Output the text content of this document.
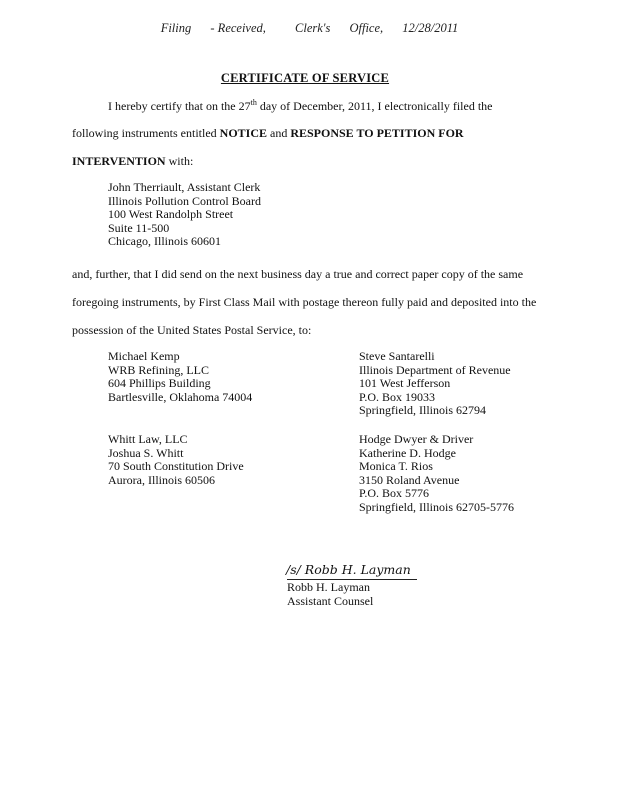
Filing - Received, Clerk's Office, 12/28/2011
CERTIFICATE OF SERVICE
I hereby certify that on the 27th day of December, 2011, I electronically filed the
following instruments entitled NOTICE and RESPONSE TO PETITION FOR
INTERVENTION with:
John Therriault, Assistant Clerk
Illinois Pollution Control Board
100 West Randolph Street
Suite 11-500
Chicago, Illinois 60601
and, further, that I did send on the next business day a true and correct paper copy of the same
foregoing instruments, by First Class Mail with postage thereon fully paid and deposited into the
possession of the United States Postal Service, to:
Michael Kemp
WRB Refining, LLC
604 Phillips Building
Bartlesville, Oklahoma 74004
Steve Santarelli
Illinois Department of Revenue
101 West Jefferson
P.O. Box 19033
Springfield, Illinois 62794
Whitt Law, LLC
Joshua S. Whitt
70 South Constitution Drive
Aurora, Illinois 60506
Hodge Dwyer & Driver
Katherine D. Hodge
Monica T. Rios
3150 Roland Avenue
P.O. Box 5776
Springfield, Illinois 62705-5776
/s/ Robb H. Layman
Robb H. Layman
Assistant Counsel
